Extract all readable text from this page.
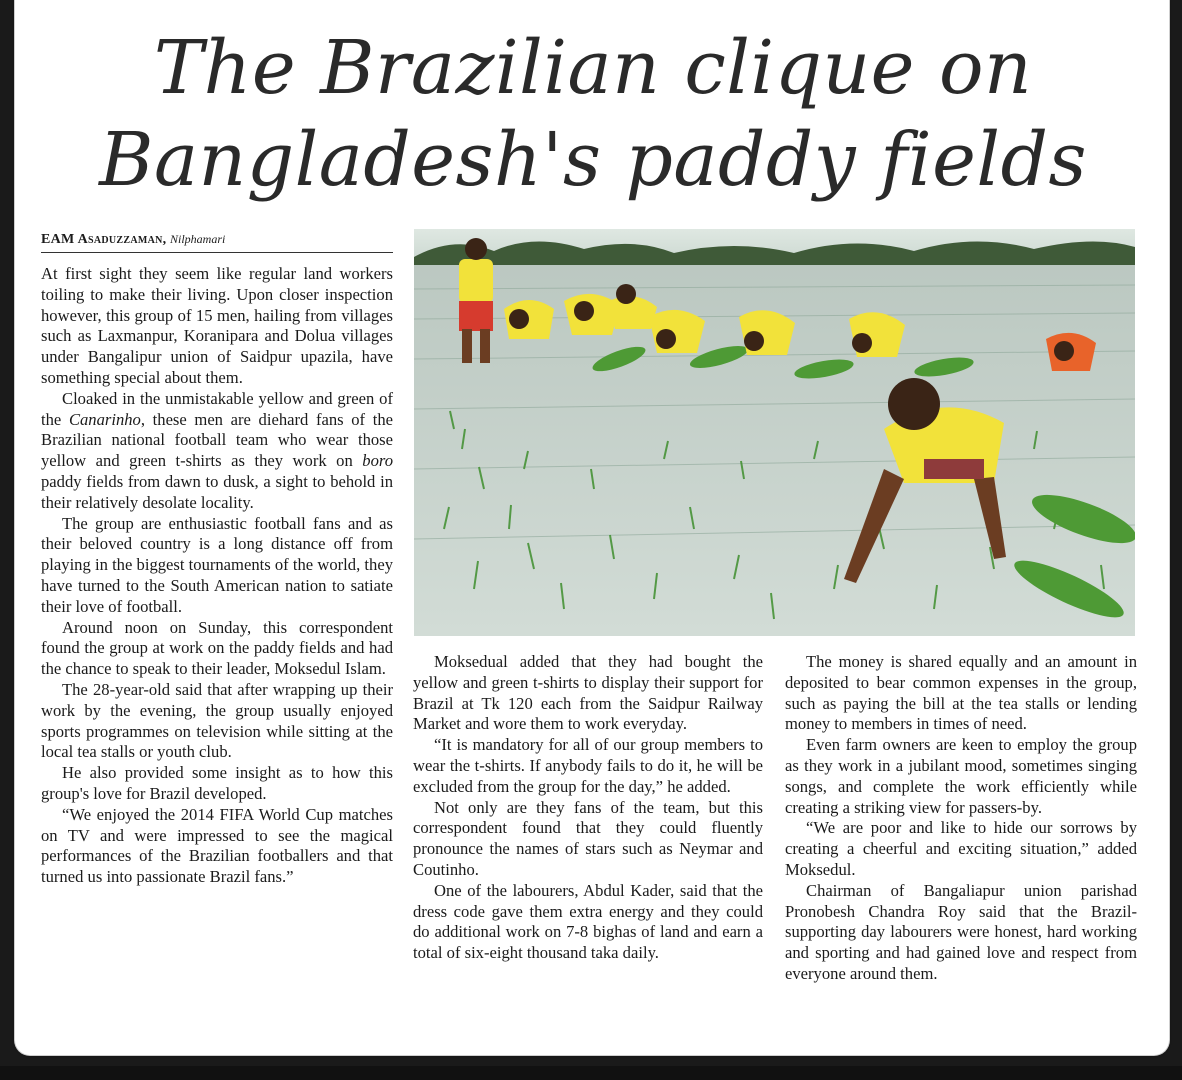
The Brazilian clique on
Bangladesh's paddy fields
EAM Asaduzzaman, Nilphamari

At first sight they seem like regular land workers toiling to make their living. Upon closer inspection however, this group of 15 men, hailing from villages such as Laxmanpur, Koranipara and Dolua villages under Bangalipur union of Saidpur upazila, have something special about them.

Cloaked in the unmistakable yellow and green of the Canarinho, these men are diehard fans of the Brazilian national football team who wear those yellow and green t-shirts as they work on boro paddy fields from dawn to dusk, a sight to behold in their relatively desolate locality.

The group are enthusiastic football fans and as their beloved country is a long distance off from playing in the biggest tournaments of the world, they have turned to the South American nation to satiate their love of football.

Around noon on Sunday, this correspondent found the group at work on the paddy fields and had the chance to speak to their leader, Moksedul Islam.

The 28-year-old said that after wrapping up their work by the evening, the group usually enjoyed sports programmes on television while sitting at the local tea stalls or youth club.

He also provided some insight as to how this group's love for Brazil developed.

“We enjoyed the 2014 FIFA World Cup matches on TV and were impressed to see the magical performances of the Brazilian footballers and that turned us into passionate Brazil fans.”

Moksedual added that they had bought the yellow and green t-shirts to display their support for Brazil at Tk 120 each from the Saidpur Railway Market and wore them to work everyday.

“It is mandatory for all of our group members to wear the t-shirts. If anybody fails to do it, he will be excluded from the group for the day,” he added.

Not only are they fans of the team, but this correspondent found that they could fluently pronounce the names of stars such as Neymar and Coutinho.

One of the labourers, Abdul Kader, said that the dress code gave them extra energy and they could do additional work on 7-8 bighas of land and earn a total of six-eight thousand taka daily.

The money is shared equally and an amount in deposited to bear common expenses in the group, such as paying the bill at the tea stalls or lending money to members in times of need.

Even farm owners are keen to employ the group as they work in a jubilant mood, sometimes singing songs, and complete the work efficiently while creating a striking view for passers-by.

“We are poor and like to hide our sorrows by creating a cheerful and exciting situation,” added Moksedul.

Chairman of Bangaliapur union parishad Pronobesh Chandra Roy said that the Brazil-supporting day labourers were honest, hard working and sporting and had gained love and respect from everyone around them.
